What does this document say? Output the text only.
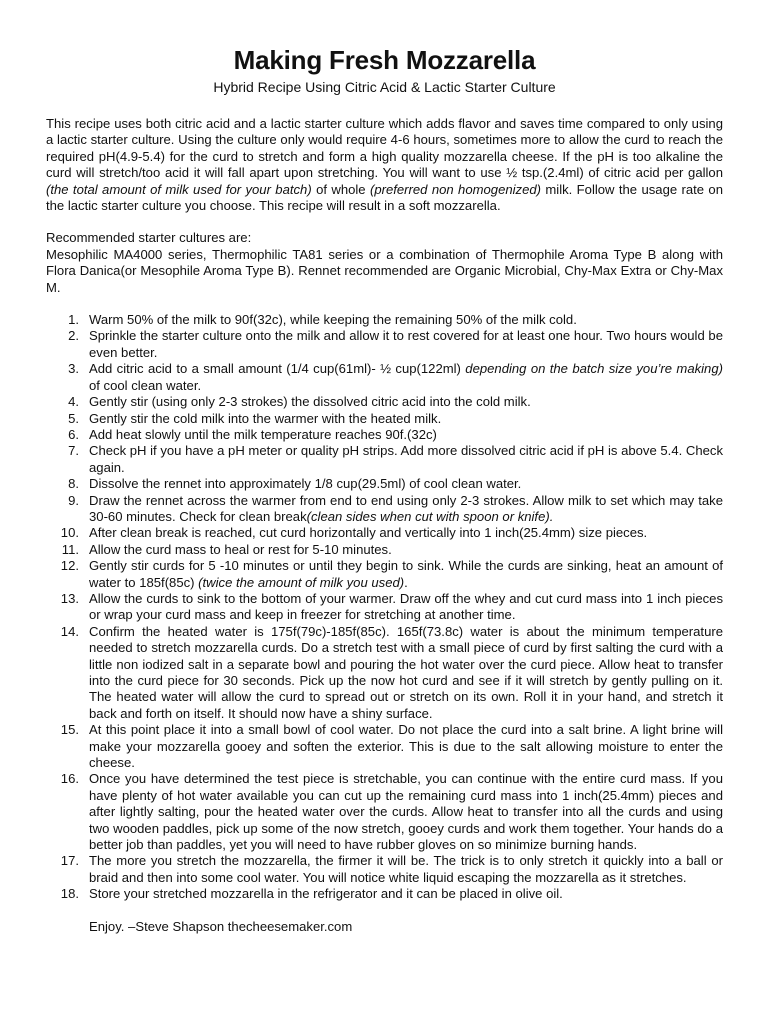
Making Fresh Mozzarella

Hybrid Recipe Using Citric Acid & Lactic Starter Culture

This recipe uses both citric acid and a lactic starter culture which adds flavor and saves time compared to only using a lactic starter culture. Using the culture only would require 4-6 hours, sometimes more to allow the curd to reach the required pH(4.9-5.4) for the curd to stretch and form a high quality mozzarella cheese. If the pH is too alkaline the curd will stretch/too acid it will fall apart upon stretching. You will want to use ½ tsp.(2.4ml) of citric acid per gallon (the total amount of milk used for your batch) of whole (preferred non homogenized) milk. Follow the usage rate on the lactic starter culture you choose. This recipe will result in a soft mozzarella.

Recommended starter cultures are:

Mesophilic MA4000 series, Thermophilic TA81 series or a combination of Thermophile Aroma Type B along with Flora Danica(or Mesophile Aroma Type B). Rennet recommended are Organic Microbial, Chy-Max Extra or Chy-Max M.

1. Warm 50% of the milk to 90f(32c), while keeping the remaining 50% of the milk cold.
2. Sprinkle the starter culture onto the milk and allow it to rest covered for at least one hour. Two hours would be even better.
3. Add citric acid to a small amount (1/4 cup(61ml)- ½ cup(122ml) depending on the batch size you’re making) of cool clean water.
4. Gently stir (using only 2-3 strokes) the dissolved citric acid into the cold milk.
5. Gently stir the cold milk into the warmer with the heated milk.
6. Add heat slowly until the milk temperature reaches 90f.(32c)
7. Check pH if you have a pH meter or quality pH strips. Add more dissolved citric acid if pH is above 5.4. Check again.
8. Dissolve the rennet into approximately 1/8 cup(29.5ml) of cool clean water.
9. Draw the rennet across the warmer from end to end using only 2-3 strokes. Allow milk to set which may take 30-60 minutes. Check for clean break(clean sides when cut with spoon or knife).
10. After clean break is reached, cut curd horizontally and vertically into 1 inch(25.4mm) size pieces.
11. Allow the curd mass to heal or rest for 5-10 minutes.
12. Gently stir curds for 5 -10 minutes or until they begin to sink. While the curds are sinking, heat an amount of water to 185f(85c) (twice the amount of milk you used).
13. Allow the curds to sink to the bottom of your warmer. Draw off the whey and cut curd mass into 1 inch pieces or wrap your curd mass and keep in freezer for stretching at another time.
14. Confirm the heated water is 175f(79c)-185f(85c). 165f(73.8c) water is about the minimum temperature needed to stretch mozzarella curds. Do a stretch test with a small piece of curd by first salting the curd with a little non iodized salt in a separate bowl and pouring the hot water over the curd piece. Allow heat to transfer into the curd piece for 30 seconds. Pick up the now hot curd and see if it will stretch by gently pulling on it. The heated water will allow the curd to spread out or stretch on its own. Roll it in your hand, and stretch it back and forth on itself. It should now have a shiny surface.
15. At this point place it into a small bowl of cool water. Do not place the curd into a salt brine. A light brine will make your mozzarella gooey and soften the exterior. This is due to the salt allowing moisture to enter the cheese.
16. Once you have determined the test piece is stretchable, you can continue with the entire curd mass. If you have plenty of hot water available you can cut up the remaining curd mass into 1 inch(25.4mm) pieces and after lightly salting, pour the heated water over the curds. Allow heat to transfer into all the curds and using two wooden paddles, pick up some of the now stretch, gooey curds and work them together. Your hands do a better job than paddles, yet you will need to have rubber gloves on so minimize burning hands.
17. The more you stretch the mozzarella, the firmer it will be. The trick is to only stretch it quickly into a ball or braid and then into some cool water. You will notice white liquid escaping the mozzarella as it stretches.
18. Store your stretched mozzarella in the refrigerator and it can be placed in olive oil.

Enjoy. –Steve Shapson thecheesemaker.com
